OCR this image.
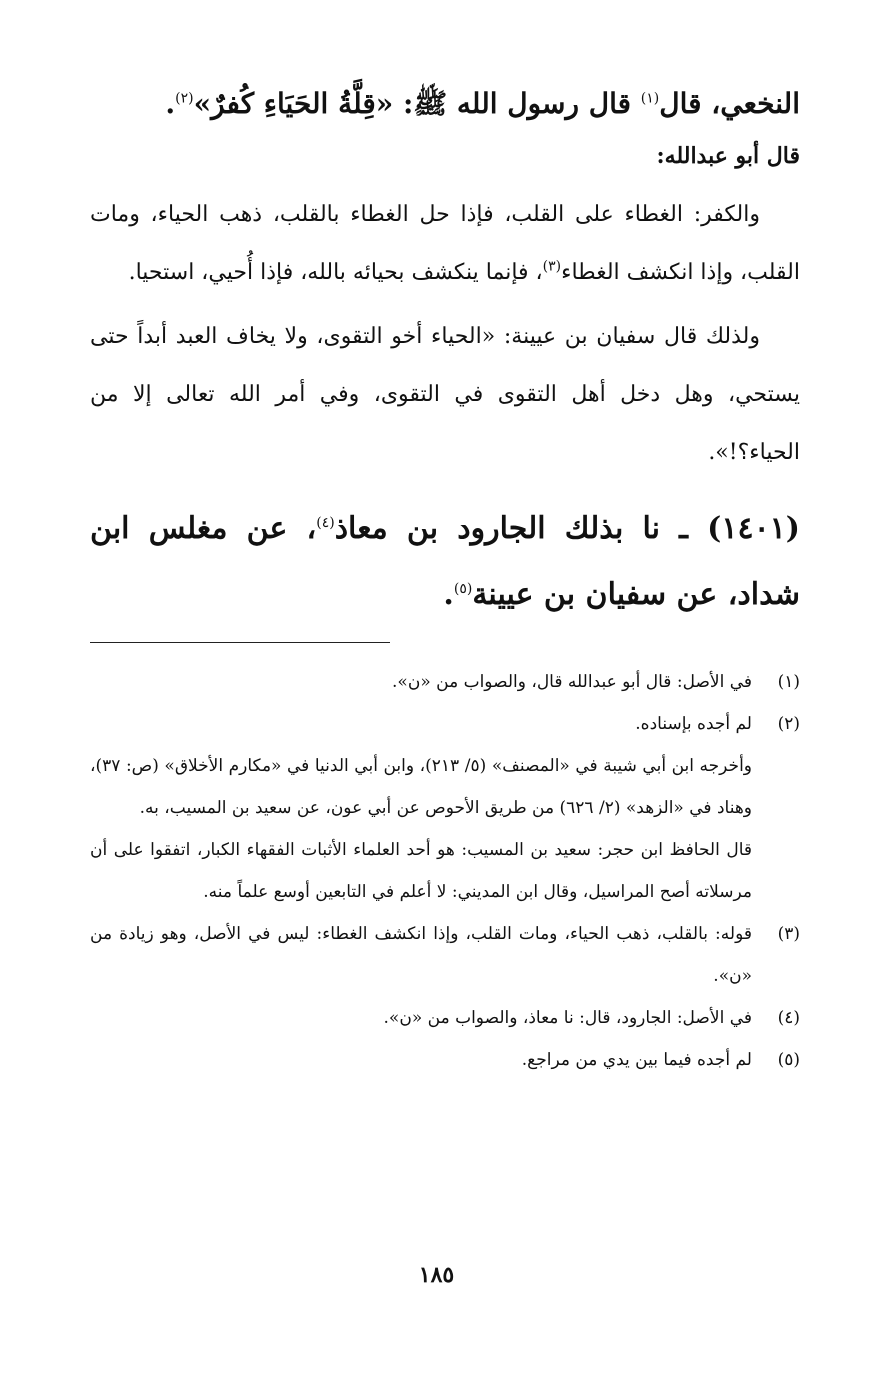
النخعي، قال$^{(١)}$ قال رسول الله ﷺ: «قِلَّةُ الحَيَاءِ كُفرٌ»$^{(٢)}$.

قال أبو عبدالله:

والكفر: الغطاء على القلب، فإذا حل الغطاء بالقلب، ذهب الحياء، ومات القلب، وإذا انكشف الغطاء$^{(٣)}$، فإنما ينكشف بحيائه بالله، فإذا أُحيي، استحيا.

ولذلك قال سفيان بن عيينة: «الحياء أخو التقوى، ولا يخاف العبد أبداً حتى يستحي، وهل دخل أهل التقوى في التقوى، وفي أمر الله تعالى إلا من الحياء؟!».

(١٤٠١) ـ نا بذلك الجارود بن معاذ$^{(٤)}$، عن مغلس ابن شداد، عن سفيان بن عيينة$^{(٥)}$.

(١)

في الأصل: قال أبو عبدالله قال، والصواب من «ن».

(٢)

لم أجده بإسناده.

وأخرجه ابن أبي شيبة في «المصنف» (٥/ ٢١٣)، وابن أبي الدنيا في «مكارم الأخلاق» (ص: ٣٧)، وهناد في «الزهد» (٢/ ٦٢٦) من طريق الأحوص عن أبي عون، عن سعيد بن المسيب، به.

قال الحافظ ابن حجر: سعيد بن المسيب: هو أحد العلماء الأثبات الفقهاء الكبار، اتفقوا على أن مرسلاته أصح المراسيل، وقال ابن المديني: لا أعلم في التابعين أوسع علماً منه.

(٣)

قوله: بالقلب، ذهب الحياء، ومات القلب، وإذا انكشف الغطاء: ليس في الأصل، وهو زيادة من «ن».

(٤)

في الأصل: الجارود، قال: نا معاذ، والصواب من «ن».

(٥)

لم أجده فيما بين يدي من مراجع.

١٨٥
